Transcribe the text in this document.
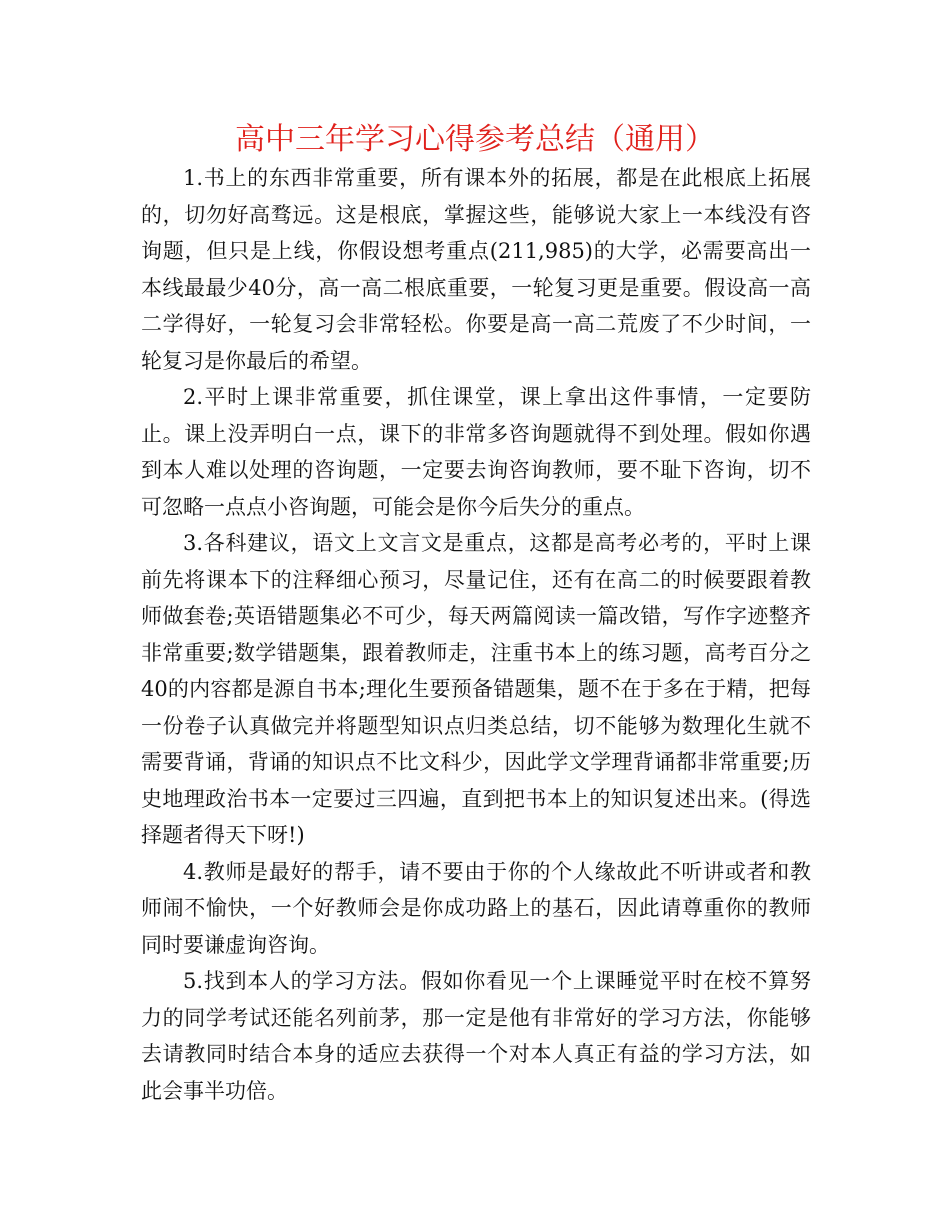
高中三年学习心得参考总结（通用）

1.书上的东西非常重要，所有课本外的拓展，都是在此根底上拓展的，切勿好高骛远。这是根底，掌握这些，能够说大家上一本线没有咨询题，但只是上线，你假设想考重点(211,985)的大学，必需要高出一本线最最少40分，高一高二根底重要，一轮复习更是重要。假设高一高二学得好，一轮复习会非常轻松。你要是高一高二荒废了不少时间，一轮复习是你最后的希望。

2.平时上课非常重要，抓住课堂，课上拿出这件事情，一定要防止。课上没弄明白一点，课下的非常多咨询题就得不到处理。假如你遇到本人难以处理的咨询题，一定要去询咨询教师，要不耻下咨询，切不可忽略一点点小咨询题，可能会是你今后失分的重点。

3.各科建议，语文上文言文是重点，这都是高考必考的，平时上课前先将课本下的注释细心预习，尽量记住，还有在高二的时候要跟着教师做套卷;英语错题集必不可少，每天两篇阅读一篇改错，写作字迹整齐非常重要;数学错题集，跟着教师走，注重书本上的练习题，高考百分之40的内容都是源自书本;理化生要预备错题集，题不在于多在于精，把每一份卷子认真做完并将题型知识点归类总结，切不能够为数理化生就不需要背诵，背诵的知识点不比文科少，因此学文学理背诵都非常重要;历史地理政治书本一定要过三四遍，直到把书本上的知识复述出来。(得选择题者得天下呀!)

4.教师是最好的帮手，请不要由于你的个人缘故此不听讲或者和教师闹不愉快，一个好教师会是你成功路上的基石，因此请尊重你的教师同时要谦虚询咨询。

5.找到本人的学习方法。假如你看见一个上课睡觉平时在校不算努力的同学考试还能名列前茅，那一定是他有非常好的学习方法，你能够去请教同时结合本身的适应去获得一个对本人真正有益的学习方法，如此会事半功倍。
